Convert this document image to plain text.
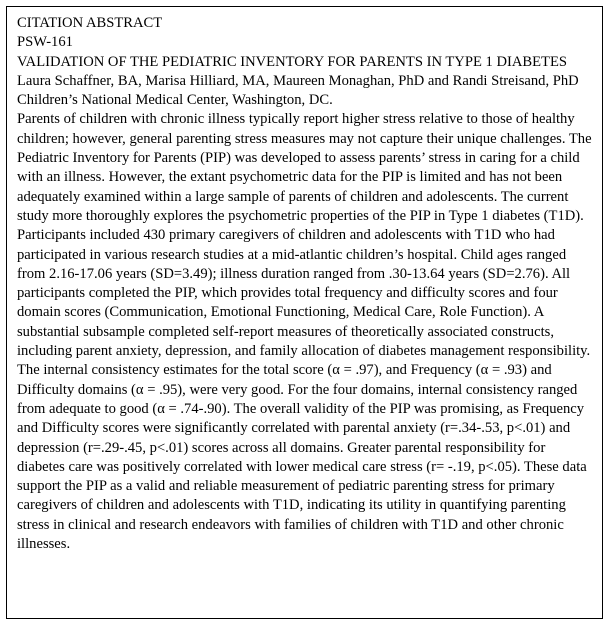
CITATION ABSTRACT
PSW-161
VALIDATION OF THE PEDIATRIC INVENTORY FOR PARENTS IN TYPE 1 DIABETES
Laura Schaffner, BA, Marisa Hilliard, MA, Maureen Monaghan, PhD and Randi Streisand, PhD
Children’s National Medical Center, Washington, DC.

Parents of children with chronic illness typically report higher stress relative to those of healthy children; however, general parenting stress measures may not capture their unique challenges. The Pediatric Inventory for Parents (PIP) was developed to assess parents’ stress in caring for a child with an illness. However, the extant psychometric data for the PIP is limited and has not been adequately examined within a large sample of parents of children and adolescents. The current study more thoroughly explores the psychometric properties of the PIP in Type 1 diabetes (T1D).

Participants included 430 primary caregivers of children and adolescents with T1D who had participated in various research studies at a mid-atlantic children’s hospital. Child ages ranged from 2.16-17.06 years (SD=3.49); illness duration ranged from .30-13.64 years (SD=2.76). All participants completed the PIP, which provides total frequency and difficulty scores and four domain scores (Communication, Emotional Functioning, Medical Care, Role Function). A substantial subsample completed self-report measures of theoretically associated constructs, including parent anxiety, depression, and family allocation of diabetes management responsibility.

The internal consistency estimates for the total score (α = .97), and Frequency (α = .93) and Difficulty domains (α = .95), were very good. For the four domains, internal consistency ranged from adequate to good (α = .74-.90). The overall validity of the PIP was promising, as Frequency and Difficulty scores were significantly correlated with parental anxiety (r=.34-.53, p<.01) and depression (r=.29-.45, p<.01) scores across all domains. Greater parental responsibility for diabetes care was positively correlated with lower medical care stress (r= -.19, p<.05). These data support the PIP as a valid and reliable measurement of pediatric parenting stress for primary caregivers of children and adolescents with T1D, indicating its utility in quantifying parenting stress in clinical and research endeavors with families of children with T1D and other chronic illnesses.
